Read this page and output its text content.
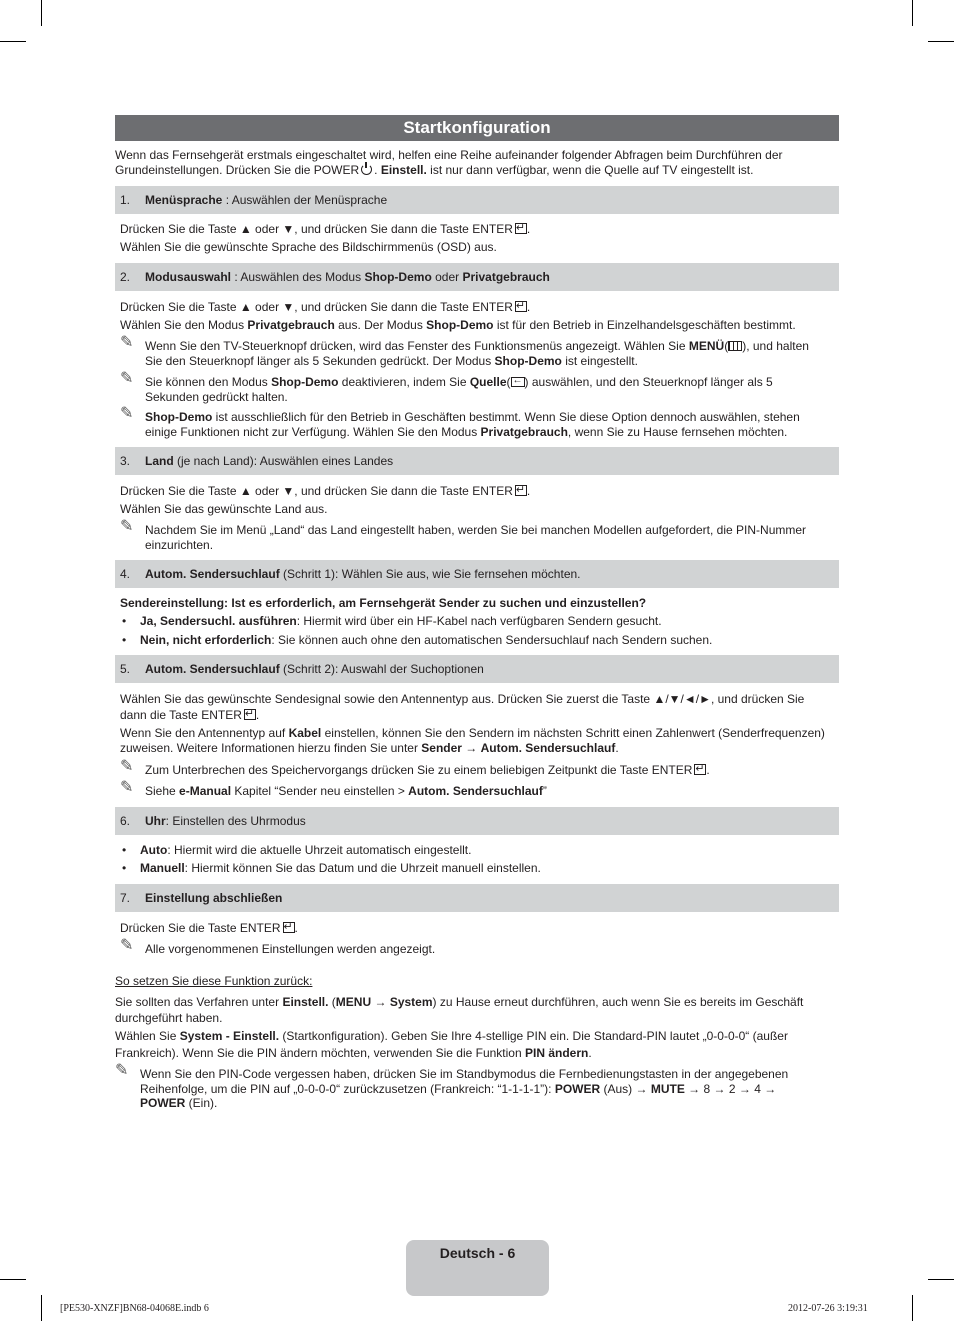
Startkonfiguration
Wenn das Fernsehgerät erstmals eingeschaltet wird, helfen eine Reihe aufeinander folgender Abfragen beim Durchführen der
Grundeinstellungen. Drücken Sie die POWER . Einstell. ist nur dann verfügbar, wenn die Quelle auf TV eingestellt ist.
1. Menüsprache : Auswählen der Menüsprache
Drücken Sie die Taste ▲ oder ▼, und drücken Sie dann die Taste ENTER ↵ .
Wählen Sie die gewünschte Sprache des Bildschirmmenüs (OSD) aus.
2. Modusauswahl : Auswählen des Modus Shop-Demo oder Privatgebrauch
Drücken Sie die Taste ▲ oder ▼, und drücken Sie dann die Taste ENTER ↵ .
Wählen Sie den Modus Privatgebrauch aus. Der Modus Shop-Demo ist für den Betrieb in Einzelhandelsgeschäften bestimmt.
✎ Wenn Sie den TV-Steuerknopf drücken, wird das Fenster des Funktionsmenüs angezeigt. Wählen Sie MENÜ( ), und halten
Sie den Steuerknopf länger als 5 Sekunden gedrückt. Der Modus Shop-Demo ist eingestellt.
✎ Sie können den Modus Shop-Demo deaktivieren, indem Sie Quelle( ← ) auswählen, und den Steuerknopf länger als 5
Sekunden gedrückt halten.
✎ Shop-Demo ist ausschließlich für den Betrieb in Geschäften bestimmt. Wenn Sie diese Option dennoch auswählen, stehen
einige Funktionen nicht zur Verfügung. Wählen Sie den Modus Privatgebrauch, wenn Sie zu Hause fernsehen möchten.
3. Land (je nach Land): Auswählen eines Landes
Drücken Sie die Taste ▲ oder ▼, und drücken Sie dann die Taste ENTER ↵ .
Wählen Sie das gewünschte Land aus.
✎ Nachdem Sie im Menü „Land“ das Land eingestellt haben, werden Sie bei manchen Modellen aufgefordert, die PIN-Nummer
einzurichten.
4. Autom. Sendersuchlauf (Schritt 1): Wählen Sie aus, wie Sie fernsehen möchten.
Sendereinstellung: Ist es erforderlich, am Fernsehgerät Sender zu suchen und einzustellen?
• Ja, Sendersuchl. ausführen: Hiermit wird über ein HF-Kabel nach verfügbaren Sendern gesucht.
• Nein, nicht erforderlich: Sie können auch ohne den automatischen Sendersuchlauf nach Sendern suchen.
5. Autom. Sendersuchlauf (Schritt 2): Auswahl der Suchoptionen
Wählen Sie das gewünschte Sendesignal sowie den Antennentyp aus. Drücken Sie zuerst die Taste ▲/▼/◄/►, und drücken Sie
dann die Taste ENTER ↵ .
Wenn Sie den Antennentyp auf Kabel einstellen, können Sie den Sendern im nächsten Schritt einen Zahlenwert (Senderfrequenzen)
zuweisen. Weitere Informationen hierzu finden Sie unter Sender → Autom. Sendersuchlauf.
✎ Zum Unterbrechen des Speichervorgangs drücken Sie zu einem beliebigen Zeitpunkt die Taste ENTER ↵ .
✎ Siehe e-Manual Kapitel “Sender neu einstellen > Autom. Sendersuchlauf”
6. Uhr: Einstellen des Uhrmodus
• Auto: Hiermit wird die aktuelle Uhrzeit automatisch eingestellt.
• Manuell: Hiermit können Sie das Datum und die Uhrzeit manuell einstellen.
7. Einstellung abschließen
Drücken Sie die Taste ENTER ↵ .
✎ Alle vorgenommenen Einstellungen werden angezeigt.
So setzen Sie diese Funktion zurück:
Sie sollten das Verfahren unter Einstell. (MENU → System) zu Hause erneut durchführen, auch wenn Sie es bereits im Geschäft
durchgeführt haben.
Wählen Sie System - Einstell. (Startkonfiguration). Geben Sie Ihre 4-stellige PIN ein. Die Standard-PIN lautet „0-0-0-0“ (außer
Frankreich). Wenn Sie die PIN ändern möchten, verwenden Sie die Funktion PIN ändern.
✎ Wenn Sie den PIN-Code vergessen haben, drücken Sie im Standbymodus die Fernbedienungstasten in der angegebenen
Reihenfolge, um die PIN auf „0-0-0-0“ zurückzusetzen (Frankreich: “1-1-1-1”): POWER (Aus) → MUTE → 8 → 2 → 4 →
POWER (Ein).
Deutsch - 6
[PE530-XNZF]BN68-04068E.indb 6	2012-07-26 3:19:31
